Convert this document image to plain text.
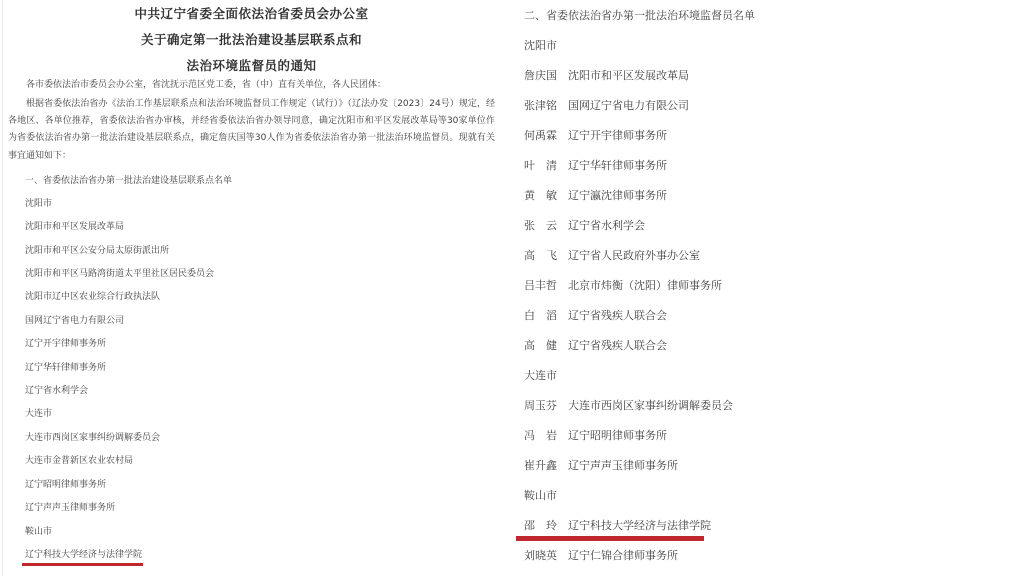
中共辽宁省委全面依法治省委员会办公室
关于确定第一批法治建设基层联系点和
法治环境监督员的通知

各市委依法治市委员会办公室，省沈抚示范区党工委，省（中）直有关单位，各人民团体：

根据省委依法治省办《法治工作基层联系点和法治环境监督员工作规定（试行）》（辽法办发〔2023〕24号）规定，经各地区、各单位推荐，省委依法治省办审核，并经省委依法治省办领导同意，确定沈阳市和平区发展改革局等30家单位作为省委依法治省办第一批法治建设基层联系点，确定詹庆国等30人作为省委依法治省办第一批法治环境监督员。现就有关事宜通知如下：

一、省委依法治省办第一批法治建设基层联系点名单
沈阳市
沈阳市和平区发展改革局
沈阳市和平区公安分局太原街派出所
沈阳市和平区马路湾街道太平里社区居民委员会
沈阳市辽中区农业综合行政执法队
国网辽宁省电力有限公司
辽宁开宇律师事务所
辽宁华轩律师事务所
辽宁省水利学会
大连市
大连市西岗区家事纠纷调解委员会
大连市金普新区农业农村局
辽宁昭明律师事务所
辽宁声声玉律师事务所
鞍山市
辽宁科技大学经济与法律学院
二、省委依法治省办第一批法治环境监督员名单
沈阳市
詹庆国 沈阳市和平区发展改革局
张津铭 国网辽宁省电力有限公司
何禹霖 辽宁开宇律师事务所
叶　清 辽宁华轩律师事务所
黄　敏 辽宁瀛沈律师事务所
张　云 辽宁省水利学会
高　飞 辽宁省人民政府外事办公室
吕丰哲 北京市炜衡（沈阳）律师事务所
白　滔 辽宁省残疾人联合会
高　健 辽宁省残疾人联合会
大连市
周玉芬 大连市西岗区家事纠纷调解委员会
冯　岩 辽宁昭明律师事务所
崔升鑫 辽宁声声玉律师事务所
鞍山市
邵　玲 辽宁科技大学经济与法律学院
刘晓英 辽宁仁锦合律师事务所
